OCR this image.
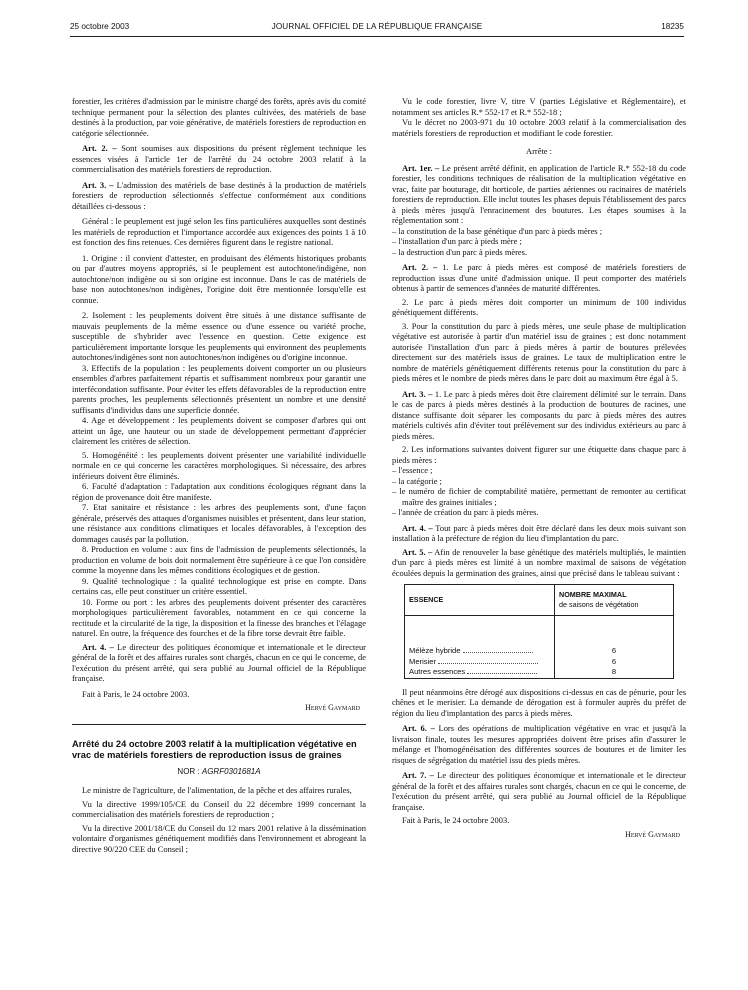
25 octobre 2003	JOURNAL OFFICIEL DE LA RÉPUBLIQUE FRANÇAISE	18235

forestier, les critères d'admission par le ministre chargé des forêts, après avis du comité technique permanent pour la sélection des plantes cultivées, des matériels de base destinés à la production, par voie générative, de matériels forestiers de reproduction en catégorie sélectionnée.

Art. 2. – Sont soumises aux dispositions du présent règlement technique les essences visées à l'article 1er de l'arrêté du 24 octobre 2003 relatif à la commercialisation des matériels forestiers de reproduction.

Art. 3. – L'admission des matériels de base destinés à la production de matériels forestiers de reproduction sélectionnés s'effectue conformément aux conditions détaillées ci-dessous :

Général : le peuplement est jugé selon les fins particulières auxquelles sont destinés les matériels de reproduction et l'importance accordée aux exigences des points 1 à 10 est fonction des fins retenues. Ces dernières figurent dans le registre national.

1. Origine : il convient d'attester, en produisant des éléments historiques probants ou par d'autres moyens appropriés, si le peuplement est autochtone/indigène, non autochtone/non indigène ou si son origine est inconnue. Dans le cas de matériels de base non autochtones/non indigènes, l'origine doit être mentionnée lorsqu'elle est connue.

2. Isolement : les peuplements doivent être situés à une distance suffisante de mauvais peuplements de la même essence ou d'une essence ou variété proche, susceptible de s'hybrider avec l'essence en question. Cette exigence est particulièrement importante lorsque les peuplements qui environnent des peuplements autochtones/indigènes sont non autochtones/non indigènes ou d'origine inconnue.

3. Effectifs de la population : les peuplements doivent comporter un ou plusieurs ensembles d'arbres parfaitement répartis et suffisamment nombreux pour garantir une interfécondation suffisante. Pour éviter les effets défavorables de la reproduction entre parents proches, les peuplements sélectionnés présentent un nombre et une densité suffisants d'individus dans une superficie donnée.

4. Age et développement : les peuplements doivent se composer d'arbres qui ont atteint un âge, une hauteur ou un stade de développement permettant d'apprécier clairement les critères de sélection.

5. Homogénéité : les peuplements doivent présenter une variabilité individuelle normale en ce qui concerne les caractères morphologiques. Si nécessaire, des arbres inférieurs doivent être éliminés.

6. Faculté d'adaptation : l'adaptation aux conditions écologiques régnant dans la région de provenance doit être manifeste.

7. Etat sanitaire et résistance : les arbres des peuplements sont, d'une façon générale, préservés des attaques d'organismes nuisibles et présentent, dans leur station, une résistance aux conditions climatiques et locales défavorables, à l'exception des dommages causés par la pollution.

8. Production en volume : aux fins de l'admission de peuplements sélectionnés, la production en volume de bois doit normalement être supérieure à ce que l'on considère comme la moyenne dans les mêmes conditions écologiques et de gestion.

9. Qualité technologique : la qualité technologique est prise en compte. Dans certains cas, elle peut constituer un critère essentiel.

10. Forme ou port : les arbres des peuplements doivent présenter des caractères morphologiques particulièrement favorables, notamment en ce qui concerne la rectitude et la circularité de la tige, la disposition et la finesse des branches et l'élagage naturel. En outre, la fréquence des fourches et de la fibre torse devrait être faible.

Art. 4. – Le directeur des politiques économique et internationale et le directeur général de la forêt et des affaires rurales sont chargés, chacun en ce qui le concerne, de l'exécution du présent arrêté, qui sera publié au Journal officiel de la République française.

Fait à Paris, le 24 octobre 2003.

Hervé Gaymard
Arrêté du 24 octobre 2003 relatif à la multiplication végétative en vrac de matériels forestiers de reproduction issus de graines
NOR : AGRF0301681A

Le ministre de l'agriculture, de l'alimentation, de la pêche et des affaires rurales,

Vu la directive 1999/105/CE du Conseil du 22 décembre 1999 concernant la commercialisation des matériels forestiers de reproduction ;

Vu la directive 2001/18/CE du Conseil du 12 mars 2001 relative à la dissémination volontaire d'organismes génétiquement modifiés dans l'environnement et abrogeant la directive 90/220 CEE du Conseil ;

Vu le code forestier, livre V, titre V (parties Législative et Réglementaire), et notamment ses articles R.* 552-17 et R.* 552-18 ;

Vu le décret no 2003-971 du 10 octobre 2003 relatif à la commercialisation des matériels forestiers de reproduction et modifiant le code forestier.

Arrête :

Art. 1er. – Le présent arrêté définit, en application de l'article R.* 552-18 du code forestier, les conditions techniques de réalisation de la multiplication végétative en vrac, faite par bouturage, dit horticole, de parties aériennes ou racinaires de matériels forestiers de reproduction. Elle inclut toutes les phases depuis l'établissement des parcs à pieds mères jusqu'à l'enracinement des boutures. Les étapes soumises à la réglementation sont :

– la constitution de la base génétique d'un parc à pieds mères ;
– l'installation d'un parc à pieds mère ;
– la destruction d'un parc à pieds mères.

Art. 2. – 1. Le parc à pieds mères est composé de matériels forestiers de reproduction issus d'une unité d'admission unique. Il peut comporter des matériels obtenus à partir de semences d'années de maturité différentes.

2. Le parc à pieds mères doit comporter un minimum de 100 individus génétiquement différents.

3. Pour la constitution du parc à pieds mères, une seule phase de multiplication végétative est autorisée à partir d'un matériel issu de graines ; est donc notamment autorisée l'installation d'un parc à pieds mères à partir de boutures prélevées directement sur des matériels issus de graines. Le taux de multiplication entre le nombre de matériels génétiquement différents retenus pour la constitution du parc à pieds mères et le nombre de pieds mères dans le parc doit au maximum être égal à 5.

Art. 3. – 1. Le parc à pieds mères doit être clairement délimité sur le terrain. Dans le cas de parcs à pieds mères destinés à la production de boutures de racines, une distance suffisante doit séparer les composants du parc à pieds mères des autres matériels cultivés afin d'éviter tout prélèvement sur des individus extérieurs au parc à pieds mères.

2. Les informations suivantes doivent figurer sur une étiquette dans chaque parc à pieds mères :

– l'essence ;
– la catégorie ;
– le numéro de fichier de comptabilité matière, permettant de remonter au certificat maître des graines initiales ;
– l'année de création du parc à pieds mères.

Art. 4. – Tout parc à pieds mères doit être déclaré dans les deux mois suivant son installation à la préfecture de région du lieu d'implantation du parc.

Art. 5. – Afin de renouveler la base génétique des matériels multipliés, le maintien d'un parc à pieds mères est limité à un nombre maximal de saisons de végétation écoulées depuis la germination des graines, ainsi que précisé dans le tableau suivant :

ESSENCE	NOMBRE MAXIMAL
de saisons de végétation

Mélèze hybride	6
Merisier	6
Autres essences	8

Il peut néanmoins être dérogé aux dispositions ci-dessus en cas de pénurie, pour les chênes et le merisier. La demande de dérogation est à formuler auprès du préfet de région du lieu d'implantation des parcs à pieds mères.

Art. 6. – Lors des opérations de multiplication végétative en vrac et jusqu'à la livraison finale, toutes les mesures appropriées doivent être prises afin d'assurer le mélange et l'homogénéisation des différentes sources de boutures et de limiter les risques de ségrégation du matériel issu des pieds mères.

Art. 7. – Le directeur des politiques économique et internationale et le directeur général de la forêt et des affaires rurales sont chargés, chacun en ce qui le concerne, de l'exécution du présent arrêté, qui sera publié au Journal officiel de la République française.

Fait à Paris, le 24 octobre 2003.

Hervé Gaymard
